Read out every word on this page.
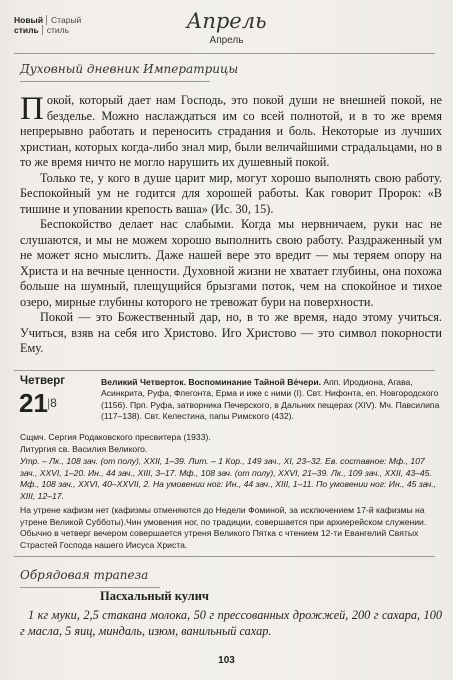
Новый Старый
стиль стиль	Апрель
Апрель
Духовный дневник Императрицы

Покой, который дает нам Господь, это покой души не внешней покой, не безделье. Можно наслаждаться им со всей полнотой, и в то же время непрерывно работать и переносить страдания и боль. Некоторые из лучших христиан, которых когда-либо знал мир, были величайшими страдальцами, но в то же время ничто не могло нарушить их душевный покой.

Только те, у кого в душе царит мир, могут хорошо выполнять свою работу. Беспокойный ум не годится для хорошей работы. Как говорит Пророк: «В тишине и уповании крепость ваша» (Ис. 30, 15).

Беспокойство делает нас слабыми. Когда мы нервничаем, руки нас не слушаются, и мы не можем хорошо выполнить свою работу. Раздраженный ум не может ясно мыслить. Даже нашей вере это вредит — мы теряем опору на Христа и на вечные ценности. Духовной жизни не хватает глубины, она похожа больше на шумный, плещущийся брызгами поток, чем на спокойное и тихое озеро, мирные глубины которого не тревожат бури на поверхности.

Покой — это Божественный дар, но, в то же время, надо этому учиться. Учиться, взяв на себя иго Христово. Иго Христово — это символ покорности Ему.

Четверг
21 |8
Великий Четверток. Воспоминание Тайной Ве́чери. Апп. Иродиона, Агава, Асинкрита, Руфа, Флегонта, Ерма и иже с ними (I). Свт. Нифонта, еп. Новгородского (1156). Прп. Руфа, затворника Печерского, в Дальних пещерах (XIV). Мч. Павсилипа (117–138). Свт. Келестина, папы Римского (432).
Сщмч. Сергия Родаковского пресвитера (1933).
Литургия св. Василия Великого.
Утр. – Лк., 108 зач. (от полу), XXII, 1–39. Лит. – 1 Кор., 149 зач., XI, 23–32. Ев. составное: Мф., 107 зач., XXVI, 1–20. Ин., 44 зач., XIII, 3–17. Мф., 108 зач. (от полу), XXVI, 21–39. Лк., 109 зач., XXII, 43–45. Мф., 108 зач., XXVI, 40–XXVII, 2. На умовении ног: Ин., 44 зач., XIII, 1–11. По умовении ног: Ин., 45 зач., XIII, 12–17.
На утрене кафизм нет (кафизмы отменяются до Недели Фоминой, за исключением 17-й кафизмы на утрене Великой Субботы).Чин умовения ног, по традиции, совершается при архиерейском служении. Обычно в четверг вечером совершается утреня Великого Пятка с чтением 12-ти Евангелий Святых Страстей Господа нашего Иисуса Христа.
Обрядовая трапеза
Пасхальный кулич
1 кг муки, 2,5 стакана молока, 50 г прессованных дрожжей, 200 г сахара, 100 г масла, 5 яиц, миндаль, изюм, ванильный сахар.
103
